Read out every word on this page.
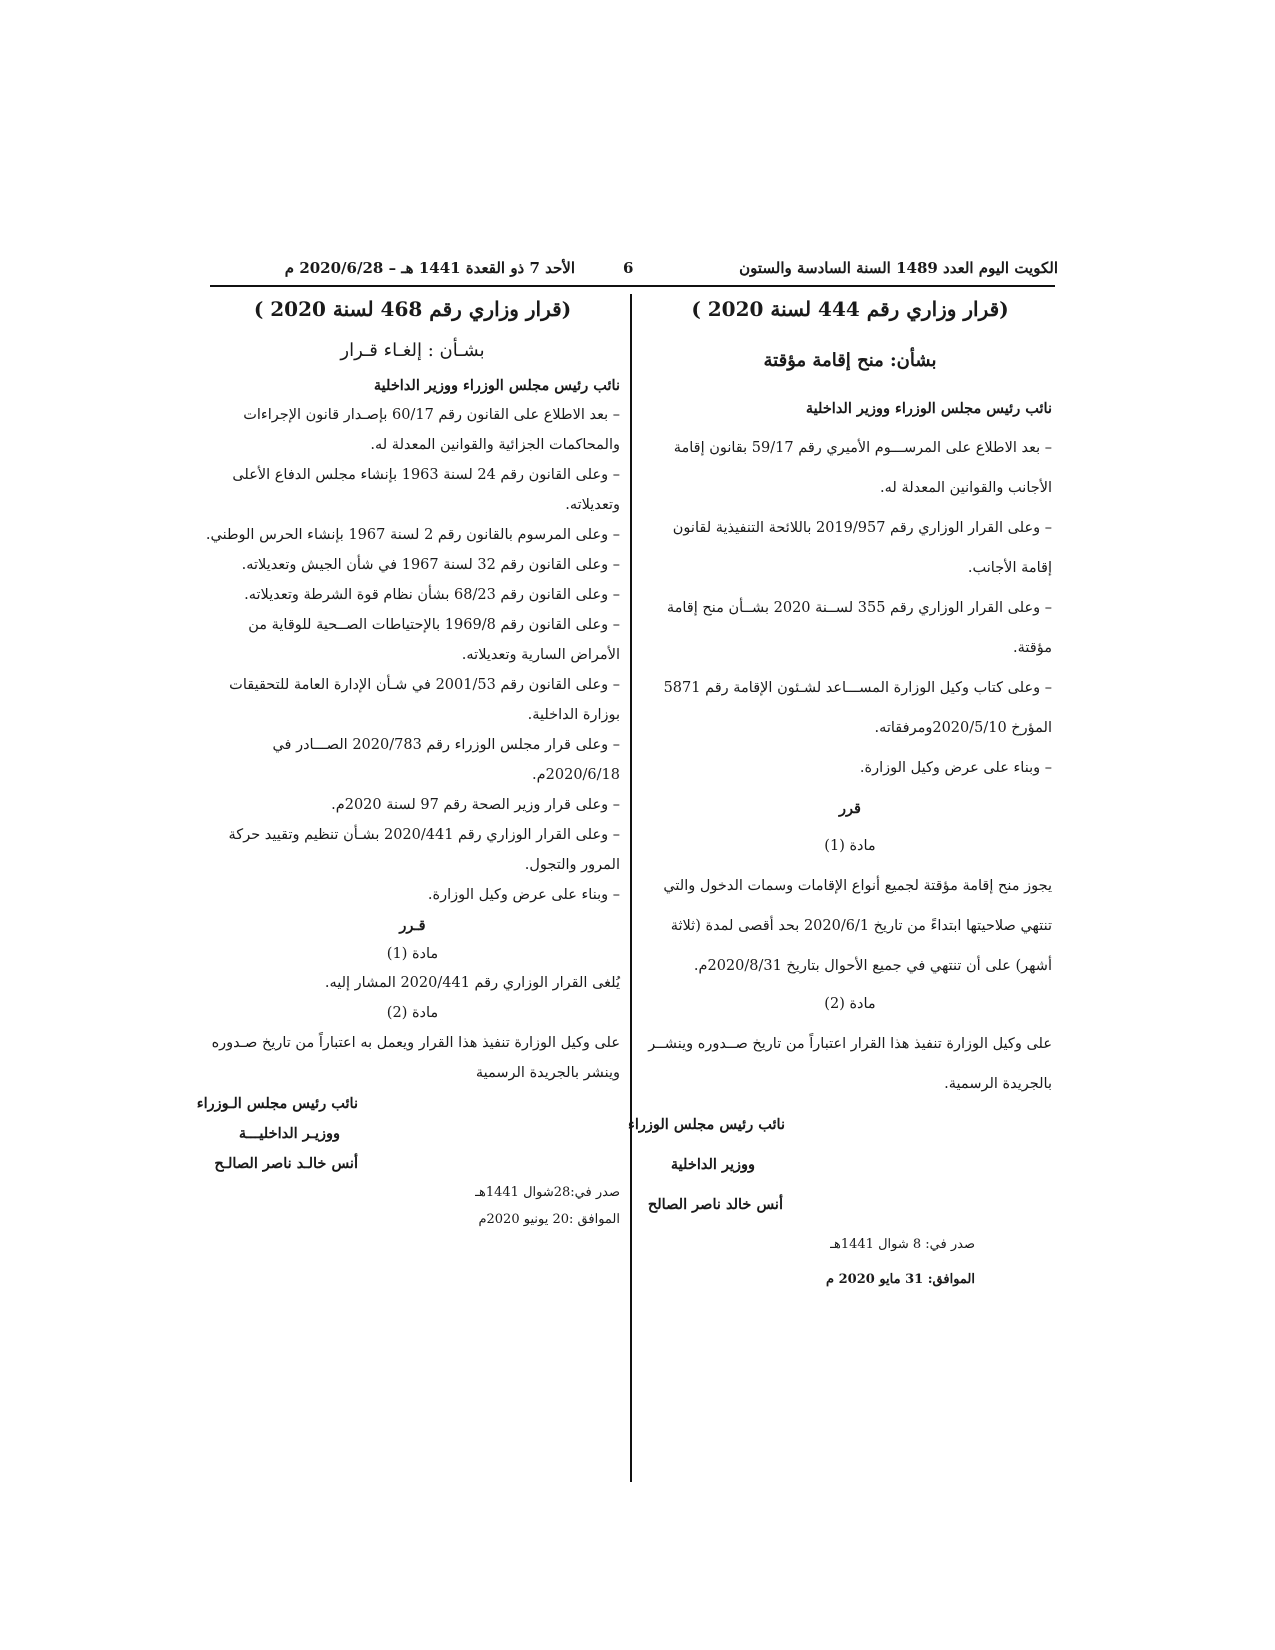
الكويت اليوم العدد 1489 السنة السادسة والستون
6
الأحد 7 ذو القعدة 1441 هـ – 2020/6/28 م
(قرار وزاري رقم 444 لسنة 2020 )
بشأن: منح إقامة مؤقتة
نائب رئيس مجلس الوزراء ووزير الداخلية
– بعد الاطلاع على المرســـوم الأميري رقم 59/17 بقانون إقامة
الأجانب والقوانين المعدلة له.
– وعلى القرار الوزاري رقم 2019/957 باللائحة التنفيذية لقانون
إقامة الأجانب.
– وعلى القرار الوزاري رقم 355 لســنة 2020 بشــأن منح إقامة
مؤقتة.
– وعلى كتاب وكيل الوزارة المســـاعد لشـئون الإقامة رقم 5871
المؤرخ 2020/5/10ومرفقاته.
– وبناء على عرض وكيل الوزارة.
قرر
مادة (1)
يجوز منح إقامة مؤقتة لجميع أنواع الإقامات وسمات الدخول والتي
تنتهي صلاحيتها ابتداءً من تاريخ 2020/6/1 بحد أقصى لمدة (ثلاثة
أشهر) على أن تنتهي في جميع الأحوال بتاريخ 2020/8/31م.
مادة (2)
على وكيل الوزارة تنفيذ هذا القرار اعتباراً من تاريخ صــدوره وينشــر
بالجريدة الرسمية.
نائب رئيس مجلس الوزراء
ووزير الداخلية
أنس خالد ناصر الصالح
صدر في: 8 شوال 1441هـ
الموافق: 31 مايو 2020 م
(قرار وزاري رقم 468 لسنة 2020 )
بشـأن : إلغـاء قـرار
نائب رئيس مجلس الوزراء ووزير الداخلية
– بعد الاطلاع على القانون رقم 60/17 بإصـدار قانون الإجراءات
والمحاكمات الجزائية والقوانين المعدلة له.
– وعلى القانون رقم 24 لسنة 1963 بإنشاء مجلس الدفاع الأعلى
وتعديلاته.
– وعلى المرسوم بالقانون رقم 2 لسنة 1967 بإنشاء الحرس الوطني.
– وعلى القانون رقم 32 لسنة 1967 في شأن الجيش وتعديلاته.
– وعلى القانون رقم 68/23 بشأن نظام قوة الشرطة وتعديلاته.
– وعلى القانون رقم 1969/8 بالإحتياطات الصــحية للوقاية من
الأمراض السارية وتعديلاته.
– وعلى القانون رقم 2001/53 في شـأن الإدارة العامة للتحقيقات
بوزارة الداخلية.
– وعلى قرار مجلس الوزراء رقم 2020/783 الصـــادر في
2020/6/18م.
– وعلى قرار وزير الصحة رقم 97 لسنة 2020م.
– وعلى القرار الوزاري رقم 2020/441 بشـأن تنظيم وتقييد حركة
المرور والتجول.
– وبناء على عرض وكيل الوزارة.
قـرر
مادة (1)
يُلغى القرار الوزاري رقم 2020/441 المشار إليه.
مادة (2)
على وكيل الوزارة تنفيذ هذا القرار ويعمل به اعتباراً من تاريخ صـدوره
وينشر بالجريدة الرسمية
نائب رئيس مجلس الـوزراء
ووزيـر الداخليـــة
أنس خالـد ناصر الصالـح
صدر في:28شوال 1441هـ
الموافق :20 يونيو 2020م
